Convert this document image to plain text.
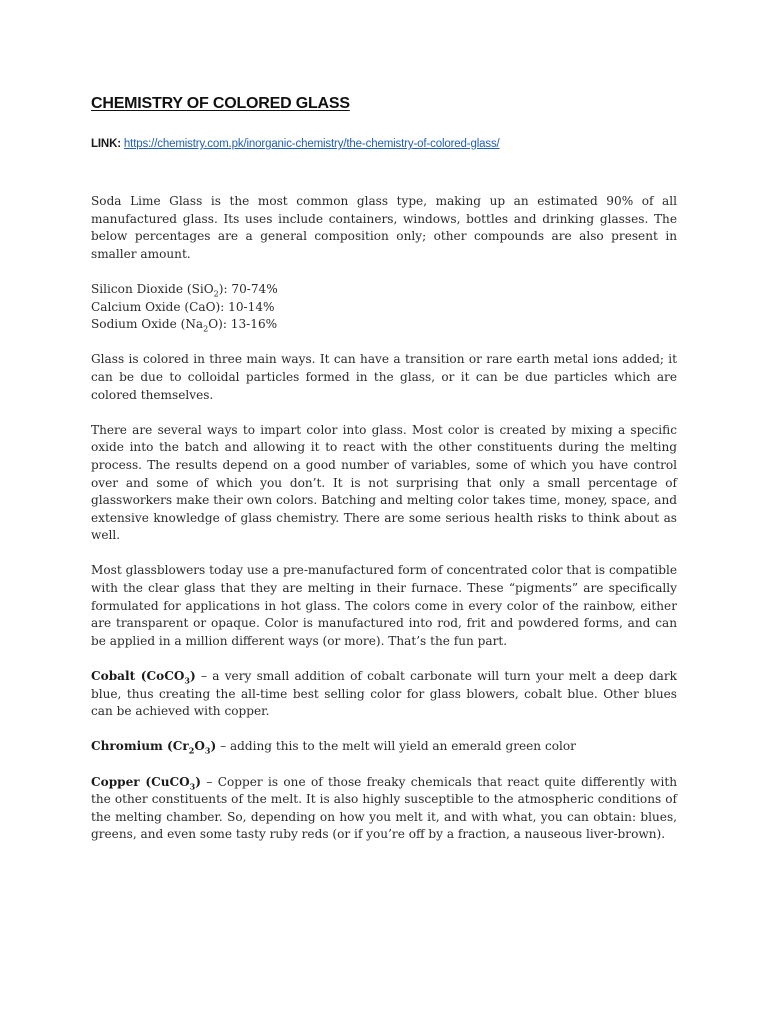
CHEMISTRY OF COLORED GLASS
LINK: https://chemistry.com.pk/inorganic-chemistry/the-chemistry-of-colored-glass/

Soda Lime Glass is the most common glass type, making up an estimated 90% of all manufactured glass. Its uses include containers, windows, bottles and drinking glasses. The below percentages are a general composition only; other compounds are also present in smaller amount.

Silicon Dioxide (SiO$_2$): 70-74%
Calcium Oxide (CaO): 10-14%
Sodium Oxide $(Na_2O)$: 13-16%

Glass is colored in three main ways. It can have a transition or rare earth metal ions added; it can be due to colloidal particles formed in the glass, or it can be due particles which are colored themselves.

There are several ways to impart color into glass. Most color is created by mixing a specific oxide into the batch and allowing it to react with the other constituents during the melting process. The results depend on a good number of variables, some of which you have control over and some of which you don’t. It is not surprising that only a small percentage of glassworkers make their own colors. Batching and melting color takes time, money, space, and extensive knowledge of glass chemistry. There are some serious health risks to think about as well.

Most glassblowers today use a pre-manufactured form of concentrated color that is compatible with the clear glass that they are melting in their furnace. These “pigments” are specifically formulated for applications in hot glass. The colors come in every color of the rainbow, either are transparent or opaque. Color is manufactured into rod, frit and powdered forms, and can be applied in a million different ways (or more). That’s the fun part.

Cobalt (CoCO$_3$) – a very small addition of cobalt carbonate will turn your melt a deep dark blue, thus creating the all-time best selling color for glass blowers, cobalt blue. Other blues can be achieved with copper.

Chromium $(Cr_2O_3)$ – adding this to the melt will yield an emerald green color

Copper (CuCO$_3$) – Copper is one of those freaky chemicals that react quite differently with the other constituents of the melt. It is also highly susceptible to the atmospheric conditions of the melting chamber. So, depending on how you melt it, and with what, you can obtain: blues, greens, and even some tasty ruby reds (or if you’re off by a fraction, a nauseous liver-brown).
